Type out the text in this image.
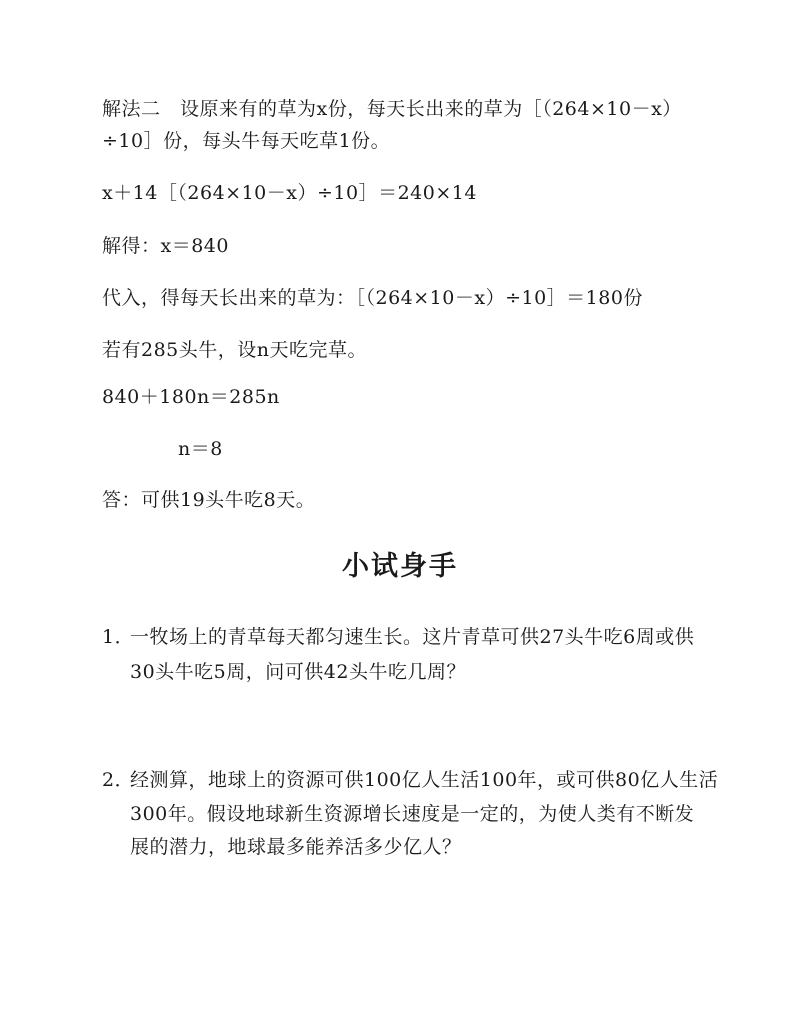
解法二　设原来有的草为x份，每天长出来的草为［（264×10－x）
÷10］份，每头牛每天吃草1份。
x＋14［（264×10－x）÷10］＝240×14
解得：x＝840
代入，得每天长出来的草为：［（264×10－x）÷10］＝180份
若有285头牛，设n天吃完草。
840＋180n＝285n
n＝8
答：可供19头牛吃8天。
小试身手
1．一牧场上的青草每天都匀速生长。这片青草可供27头牛吃6周或供
30头牛吃5周，问可供42头牛吃几周？
2．经测算，地球上的资源可供100亿人生活100年，或可供80亿人生活
300年。假设地球新生资源增长速度是一定的，为使人类有不断发
展的潜力，地球最多能养活多少亿人？
